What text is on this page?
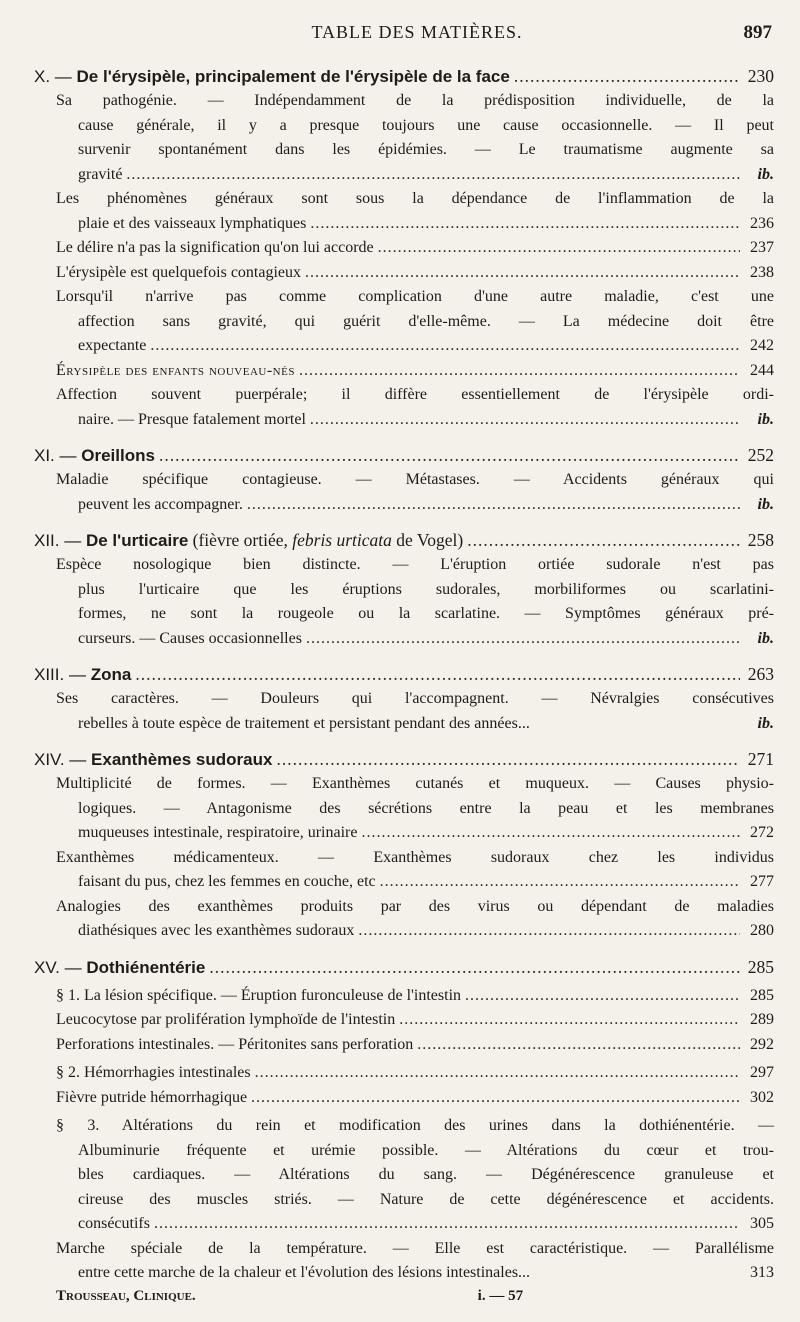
TABLE DES MATIÈRES.	897
X. — De l'érysipèle, principalement de l'érysipèle de la face .....	230
Sa pathogénie. — Indépendamment de la prédisposition individuelle, de la
cause générale, il y a presque toujours une cause occasionnelle. — Il peut
survenir spontanément dans les épidémies. — Le traumatisme augmente sa
gravité .....	ib.
Les phénomènes généraux sont sous la dépendance de l'inflammation de la
plaie et des vaisseaux lymphatiques .....	236
Le délire n'a pas la signification qu'on lui accorde .....	237
L'érysipèle est quelquefois contagieux .....	238
Lorsqu'il n'arrive pas comme complication d'une autre maladie, c'est une
affection sans gravité, qui guérit d'elle-même. — La médecine doit être
expectante .....	242
Érysipèle des enfants nouveau-nés .....	244
Affection souvent puerpérale; il diffère essentiellement de l'érysipèle ordi-
naire. — Presque fatalement mortel .....	ib.
XI. — Oreillons .....	252
Maladie spécifique contagieuse. — Métastases. — Accidents généraux qui
peuvent les accompagner. .....	ib.
XII. — De l'urticaire
(fièvre ortiée,
febris urticata
de Vogel) .....	258
Espèce nosologique bien distincte. — L'éruption ortiée sudorale n'est pas
plus l'urticaire que les éruptions sudorales, morbiliformes ou scarlatini-
formes, ne sont la rougeole ou la scarlatine. — Symptômes généraux pré-
curseurs. — Causes occasionnelles .....	ib.
XIII. — Zona .....	263
Ses caractères. — Douleurs qui l'accompagnent. — Névralgies consécutives
rebelles à toute espèce de traitement et persistant pendant des années...	ib.
XIV. — Exanthèmes sudoraux .....	271
Multiplicité de formes. — Exanthèmes cutanés et muqueux. — Causes physio-
logiques. — Antagonisme des sécrétions entre la peau et les membranes
muqueuses intestinale, respiratoire, urinaire .....	272
Exanthèmes médicamenteux. — Exanthèmes sudoraux chez les individus
faisant du pus, chez les femmes en couche, etc .....	277
Analogies des exanthèmes produits par des virus ou dépendant de maladies
diathésiques avec les exanthèmes sudoraux .....	280
XV. — Dothiénentérie .....	285
§ 1. La lésion spécifique. — Éruption furonculeuse de l'intestin .....	285
Leucocytose par prolifération lymphoïde de l'intestin .....	289
Perforations intestinales. — Péritonites sans perforation .....	292
§ 2. Hémorrhagies intestinales .....	297
Fièvre putride hémorrhagique .....	302
§ 3. Altérations du rein et modification des urines dans la dothiénentérie. —
Albuminurie fréquente et urémie possible. — Altérations du cœur et trou-
bles cardiaques. — Altérations du sang. — Dégénérescence granuleuse et
cireuse des muscles striés. — Nature de cette dégénérescence et accidents.
consécutifs .....	305
Marche spéciale de la température. — Elle est caractéristique. — Parallélisme
entre cette marche de la chaleur et l'évolution des lésions intestinales...	313
Trousseau, Clinique.	i. — 57
